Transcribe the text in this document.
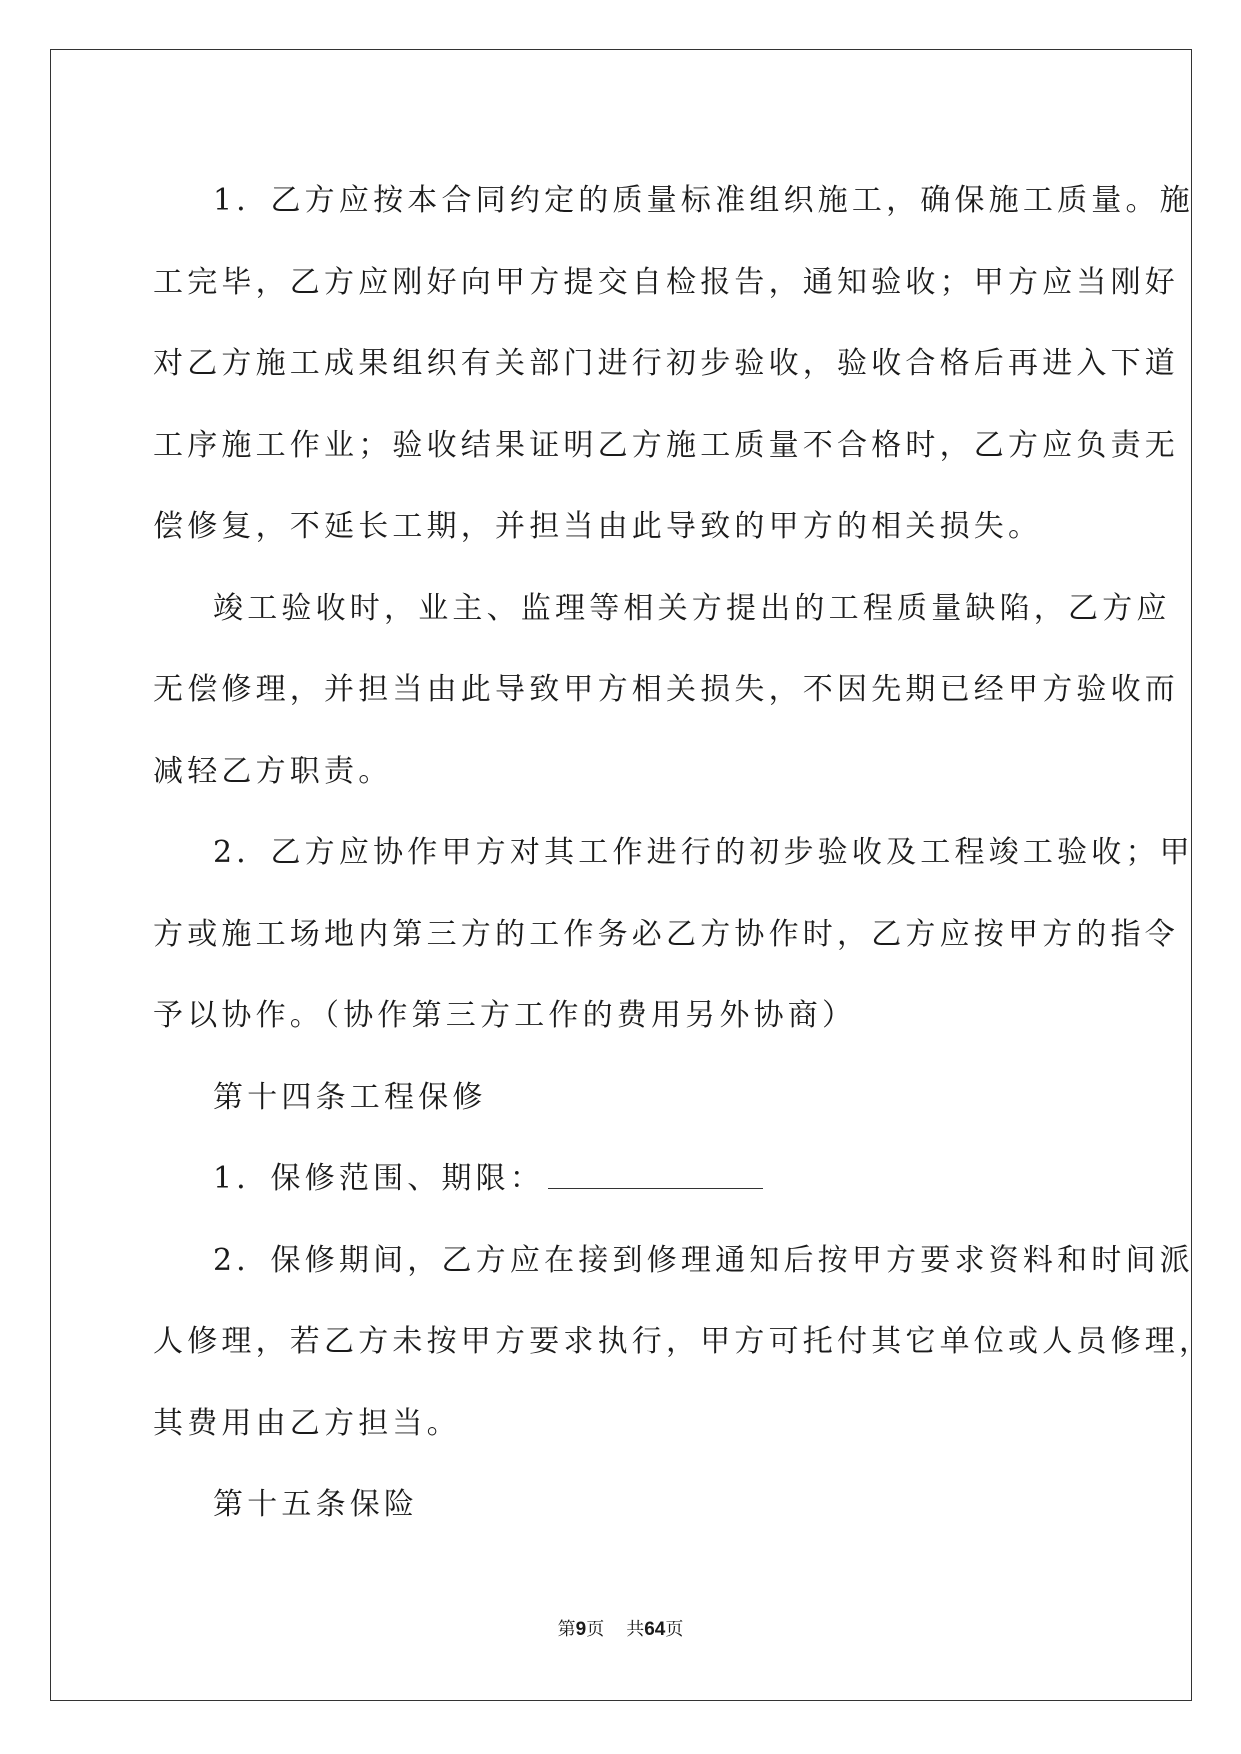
1．乙方应按本合同约定的质量标准组织施工，确保施工质量。施
工完毕，乙方应刚好向甲方提交自检报告，通知验收；甲方应当刚好
对乙方施工成果组织有关部门进行初步验收，验收合格后再进入下道
工序施工作业；验收结果证明乙方施工质量不合格时，乙方应负责无
偿修复，不延长工期，并担当由此导致的甲方的相关损失。
竣工验收时，业主、监理等相关方提出的工程质量缺陷，乙方应
无偿修理，并担当由此导致甲方相关损失，不因先期已经甲方验收而
减轻乙方职责。
2．乙方应协作甲方对其工作进行的初步验收及工程竣工验收；甲
方或施工场地内第三方的工作务必乙方协作时，乙方应按甲方的指令
予以协作。（协作第三方工作的费用另外协商）
第十四条工程保修
1．保修范围、期限：
2．保修期间，乙方应在接到修理通知后按甲方要求资料和时间派
人修理，若乙方未按甲方要求执行，甲方可托付其它单位或人员修理，
其费用由乙方担当。
第十五条保险
第9页 共64页
